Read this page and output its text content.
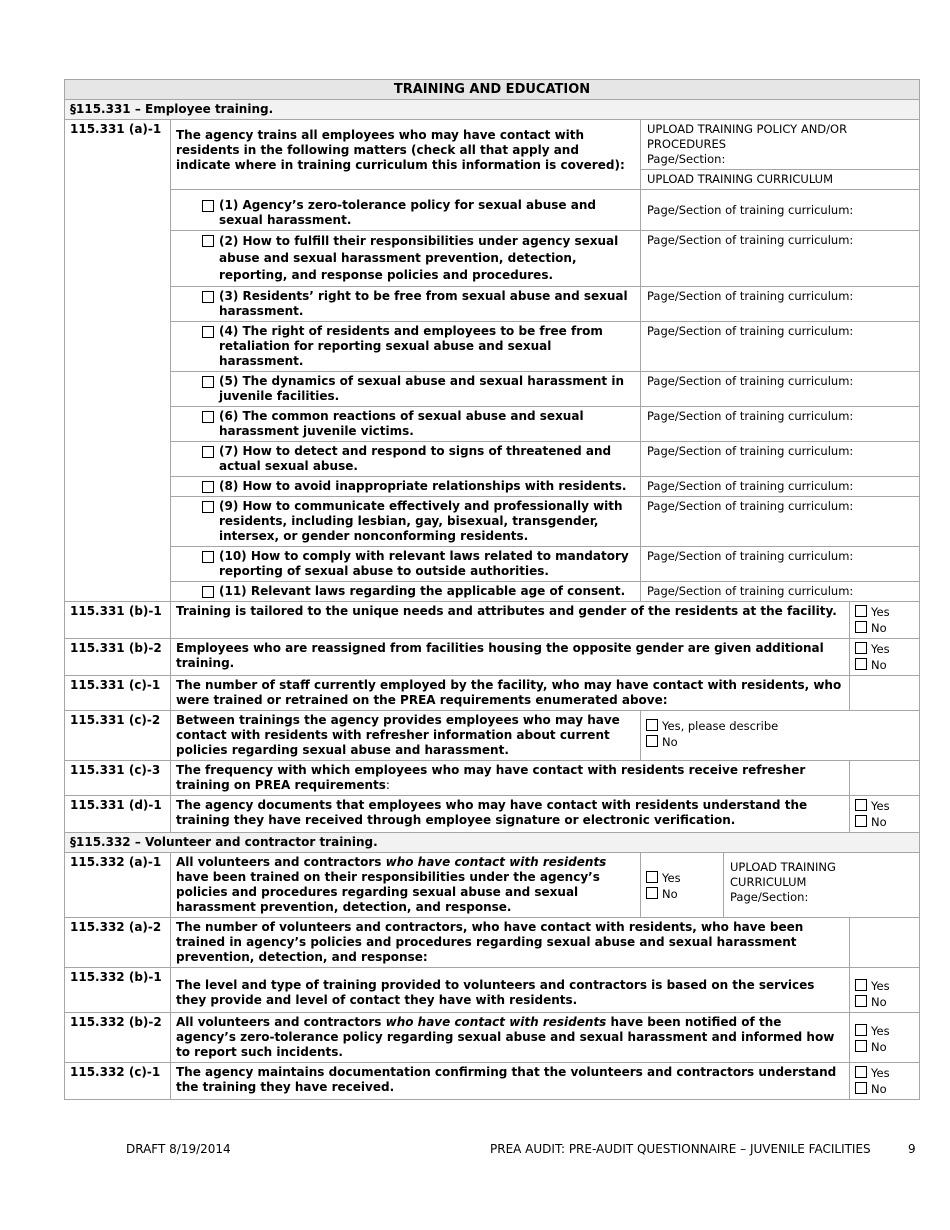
TRAINING AND EDUCATION				
§115.331 – Employee training.				
115.331 (a)-1	The agency trains all employees who may have contact with residents in the following matters (check all that apply and indicate where in training curriculum this information is covered):	UPLOAD TRAINING POLICY AND/OR PROCEDURES
Page/Section:
UPLOAD TRAINING CURRICULUM		

	(1) Agency’s zero-tolerance policy for sexual abuse and sexual harassment.	Page/Section of training curriculum:		

	(2) How to fulfill their responsibilities under agency sexual abuse and sexual harassment prevention, detection, reporting, and response policies and procedures.	Page/Section of training curriculum:		

	(3) Residents’ right to be free from sexual abuse and sexual harassment.	Page/Section of training curriculum:		

	(4) The right of residents and employees to be free from retaliation for reporting sexual abuse and sexual harassment.	Page/Section of training curriculum:		

	(5) The dynamics of sexual abuse and sexual harassment in juvenile facilities.	Page/Section of training curriculum:		

	(6) The common reactions of sexual abuse and sexual harassment juvenile victims.	Page/Section of training curriculum:		

	(7) How to detect and respond to signs of threatened and actual sexual abuse.	Page/Section of training curriculum:		

	(8) How to avoid inappropriate relationships with residents.	Page/Section of training curriculum:		

	(9) How to communicate effectively and professionally with residents, including lesbian, gay, bisexual, transgender, intersex, or gender nonconforming residents.	Page/Section of training curriculum:		

	(10) How to comply with relevant laws related to mandatory reporting of sexual abuse to outside authorities.	Page/Section of training curriculum:		

	(11) Relevant laws regarding the applicable age of consent.	Page/Section of training curriculum:		
115.331 (b)-1	Training is tailored to the unique needs and attributes and gender of the residents at the facility.			Yes
No

115.331 (b)-2	Employees who are reassigned from facilities housing the opposite gender are given additional training.			Yes
No

115.331 (c)-1	The number of staff currently employed by the facility, who may have contact with residents, who were trained or retrained on the PREA requirements enumerated above:			
115.331 (c)-2	Between trainings the agency provides employees who may have contact with residents with refresher information about current policies regarding sexual abuse and harassment.	Yes, please describe
No		

115.331 (c)-3	The frequency with which employees who may have contact with residents receive refresher training on PREA requirements:			
115.331 (d)-1	The agency documents that employees who may have contact with residents understand the training they have received through employee signature or electronic verification.			Yes
No

§115.332 – Volunteer and contractor training.				
115.332 (a)-1	All volunteers and contractors who have contact with residents have been trained on their responsibilities under the agency’s policies and procedures regarding sexual abuse and sexual harassment prevention, detection, and response.	Yes
No	UPLOAD TRAINING CURRICULUM
Page/Section:	
115.332 (a)-2	The number of volunteers and contractors, who have contact with residents, who have been trained in agency’s policies and procedures regarding sexual abuse and sexual harassment prevention, detection, and response:			
115.332 (b)-1	The level and type of training provided to volunteers and contractors is based on the services they provide and level of contact they have with residents.			Yes
No

115.332 (b)-2	All volunteers and contractors who have contact with residents have been notified of the agency’s zero-tolerance policy regarding sexual abuse and sexual harassment and informed how to report such incidents.			Yes
No

115.332 (c)-1	The agency maintains documentation confirming that the volunteers and contractors understand the training they have received.			Yes
No
DRAFT 8/19/2014	PREA AUDIT: PRE-AUDIT QUESTIONNAIRE – JUVENILE FACILITIES	9
